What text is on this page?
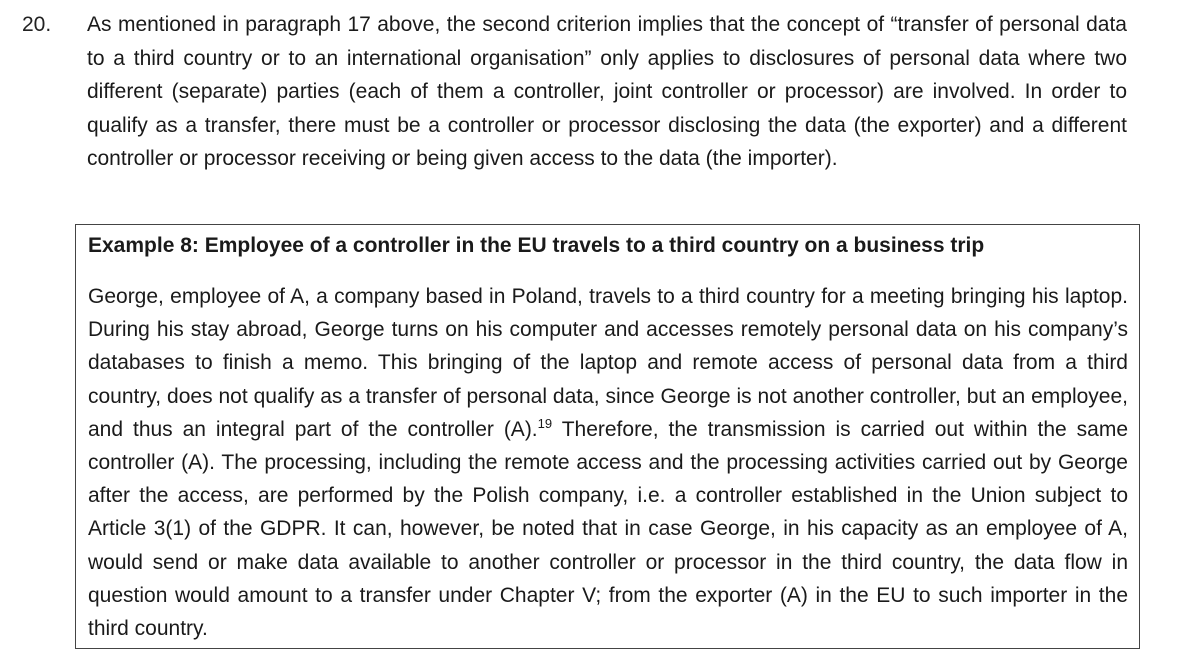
20. As mentioned in paragraph 17 above, the second criterion implies that the concept of “transfer of personal data to a third country or to an international organisation” only applies to disclosures of personal data where two different (separate) parties (each of them a controller, joint controller or processor) are involved. In order to qualify as a transfer, there must be a controller or processor disclosing the data (the exporter) and a different controller or processor receiving or being given access to the data (the importer).

Example 8: Employee of a controller in the EU travels to a third country on a business trip

George, employee of A, a company based in Poland, travels to a third country for a meeting bringing his laptop. During his stay abroad, George turns on his computer and accesses remotely personal data on his company’s databases to finish a memo. This bringing of the laptop and remote access of personal data from a third country, does not qualify as a transfer of personal data, since George is not another controller, but an employee, and thus an integral part of the controller (A).$^{19}$ Therefore, the transmission is carried out within the same controller (A). The processing, including the remote access and the processing activities carried out by George after the access, are performed by the Polish company, i.e. a controller established in the Union subject to Article 3(1) of the GDPR. It can, however, be noted that in case George, in his capacity as an employee of A, would send or make data available to another controller or processor in the third country, the data flow in question would amount to a transfer under Chapter V; from the exporter (A) in the EU to such importer in the third country.
